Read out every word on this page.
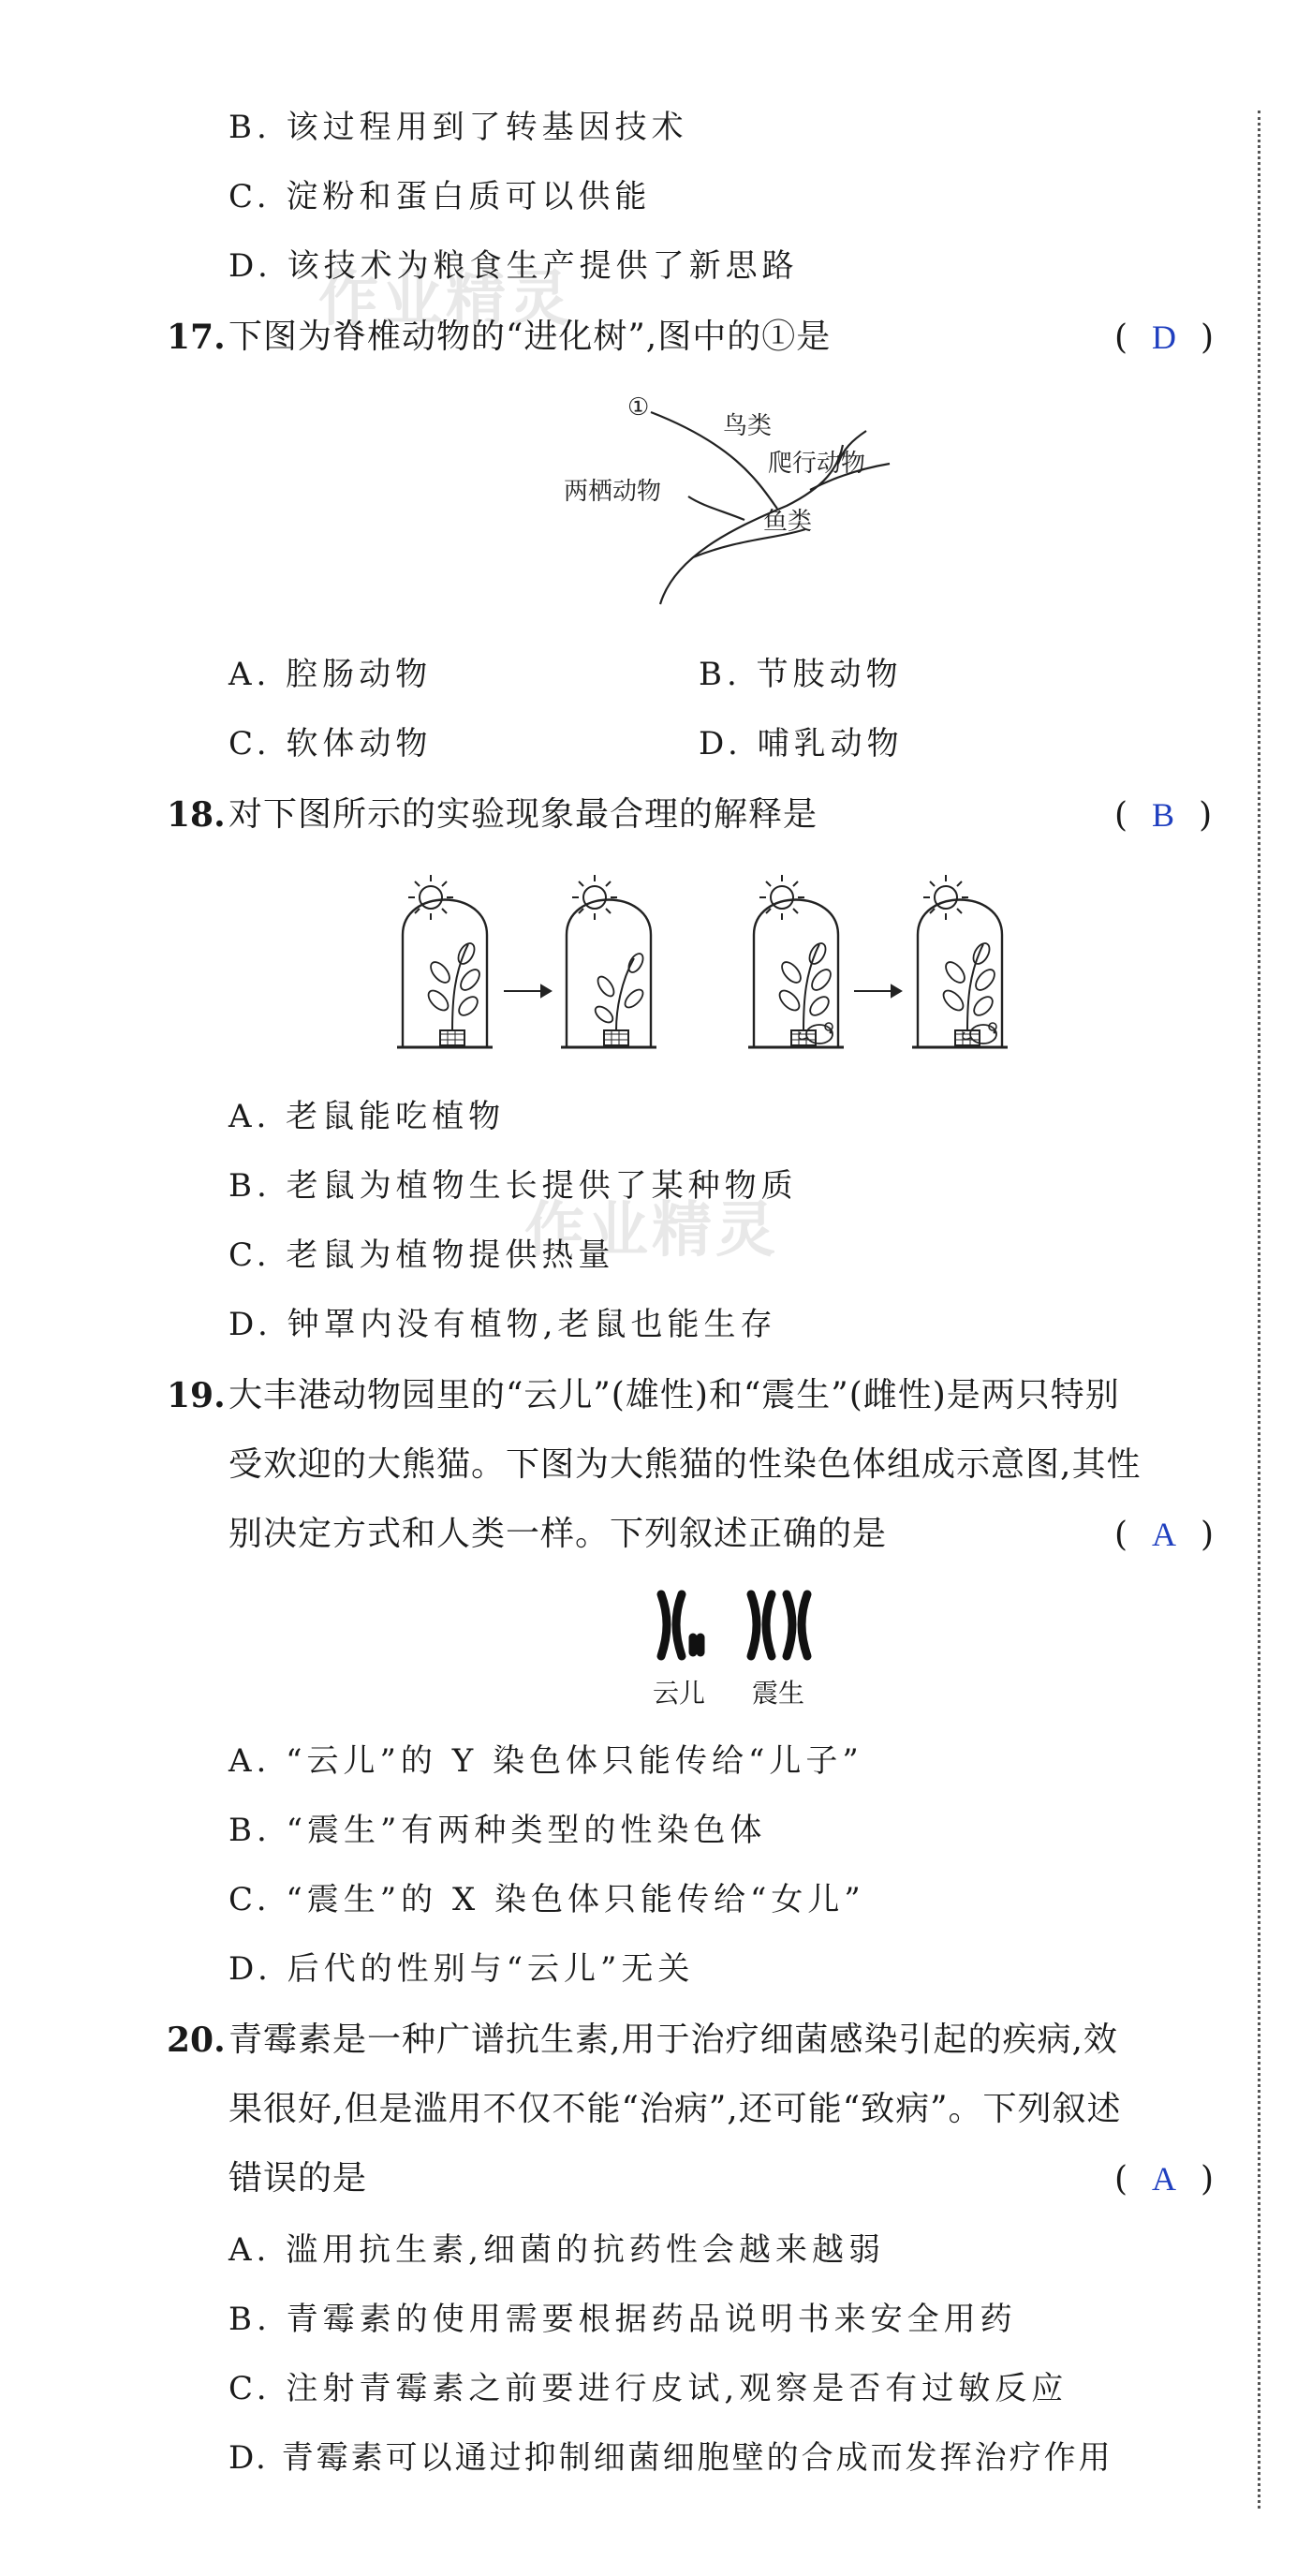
作业精灵
作业精灵
B. 该过程用到了转基因技术
C. 淀粉和蛋白质可以供能
D. 该技术为粮食生产提供了新思路
17. 下图为脊椎动物的“进化树”,图中的①是	( D )
①
鸟类
爬行动物
两栖动物
鱼类
A. 腔肠动物	B. 节肢动物
C. 软体动物	D. 哺乳动物
18. 对下图所示的实验现象最合理的解释是	( B )
A. 老鼠能吃植物
B. 老鼠为植物生长提供了某种物质
C. 老鼠为植物提供热量
D. 钟罩内没有植物,老鼠也能生存
19. 大丰港动物园里的“云儿”(雄性)和“震生”(雌性)是两只特别
受欢迎的大熊猫。下图为大熊猫的性染色体组成示意图,其性
别决定方式和人类一样。下列叙述正确的是	( A )
云儿 震生
A. “云儿”的 Y 染色体只能传给“儿子”
B. “震生”有两种类型的性染色体
C. “震生”的 X 染色体只能传给“女儿”
D. 后代的性别与“云儿”无关
20. 青霉素是一种广谱抗生素,用于治疗细菌感染引起的疾病,效
果很好,但是滥用不仅不能“治病”,还可能“致病”。下列叙述
错误的是	( A )
A. 滥用抗生素,细菌的抗药性会越来越弱
B. 青霉素的使用需要根据药品说明书来安全用药
C. 注射青霉素之前要进行皮试,观察是否有过敏反应
D. 青霉素可以通过抑制细菌细胞壁的合成而发挥治疗作用
